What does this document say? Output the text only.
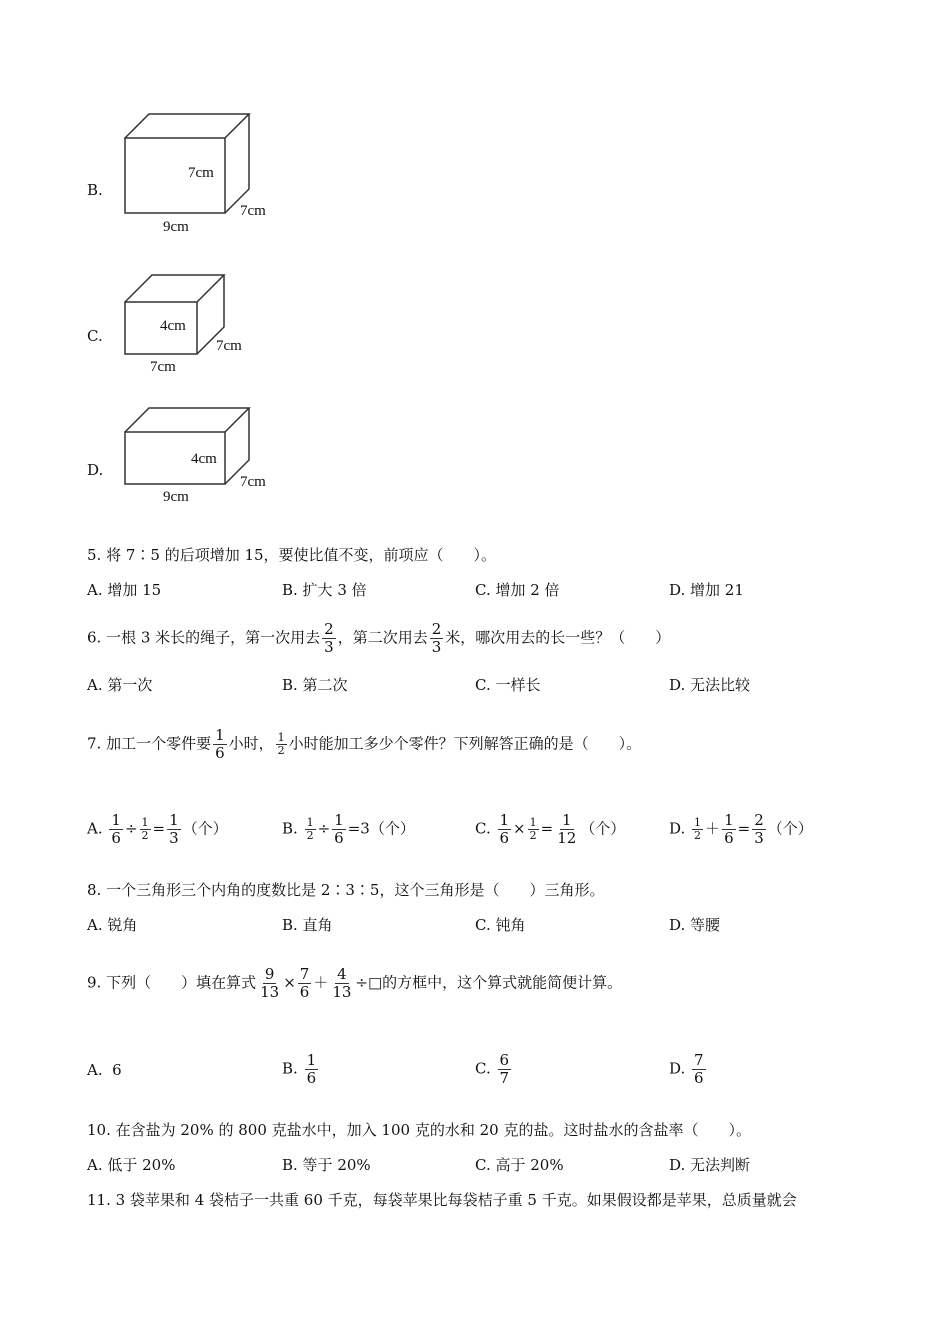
B.
7cm
7cm
9cm
C.
4cm
7cm
7cm
D.
4cm
7cm
9cm
5. 将 7∶5 的后项增加 15，要使比值不变，前项应（　　）。
A. 增加 15	B. 扩大 3 倍	C. 增加 2 倍	D. 增加 21
6. 一根 3 米长的绳子，第一次用去 $\frac{2}{3}$ ，第二次用去 $\frac{2}{3}$ 米，哪次用去的长一些？（　　）
A. 第一次	B. 第二次	C. 一样长	D. 无法比较
7. 加工一个零件要 $\frac{1}{6}$ 小时， $\frac{1}{2}$ 小时能加工多少个零件？下列解答正确的是（　　）。
A. $\frac{1}{6} \div \frac{1}{2} = \frac{1}{3}$ （个）	B. $\frac{1}{2} \div \frac{1}{6} =3$（个）	C. $\frac{1}{6} \times \frac{1}{2} = \frac{1}{12}$ （个）	D. $\frac{1}{2} + \frac{1}{6} = \frac{2}{3}$ （个）
8. 一个三角形三个内角的度数比是 2∶3∶5，这个三角形是（　　）三角形。
A. 锐角	B. 直角	C. 钝角	D. 等腰
9. 下列（　　）填在算式 $\frac{9}{13} \times \frac{7}{6} + \frac{4}{13}$ ÷□的方框中，这个算式就能简便计算。
A. 6	B. $\frac{1}{6}$	C. $\frac{6}{7}$	D. $\frac{7}{6}$
10. 在含盐为 20% 的 800 克盐水中，加入 100 克的水和 20 克的盐。这时盐水的含盐率（　　）。
A. 低于 20%	B. 等于 20%	C. 高于 20%	D. 无法判断
11. 3 袋苹果和 4 袋桔子一共重 60 千克，每袋苹果比每袋桔子重 5 千克。如果假设都是苹果，总质量就会
